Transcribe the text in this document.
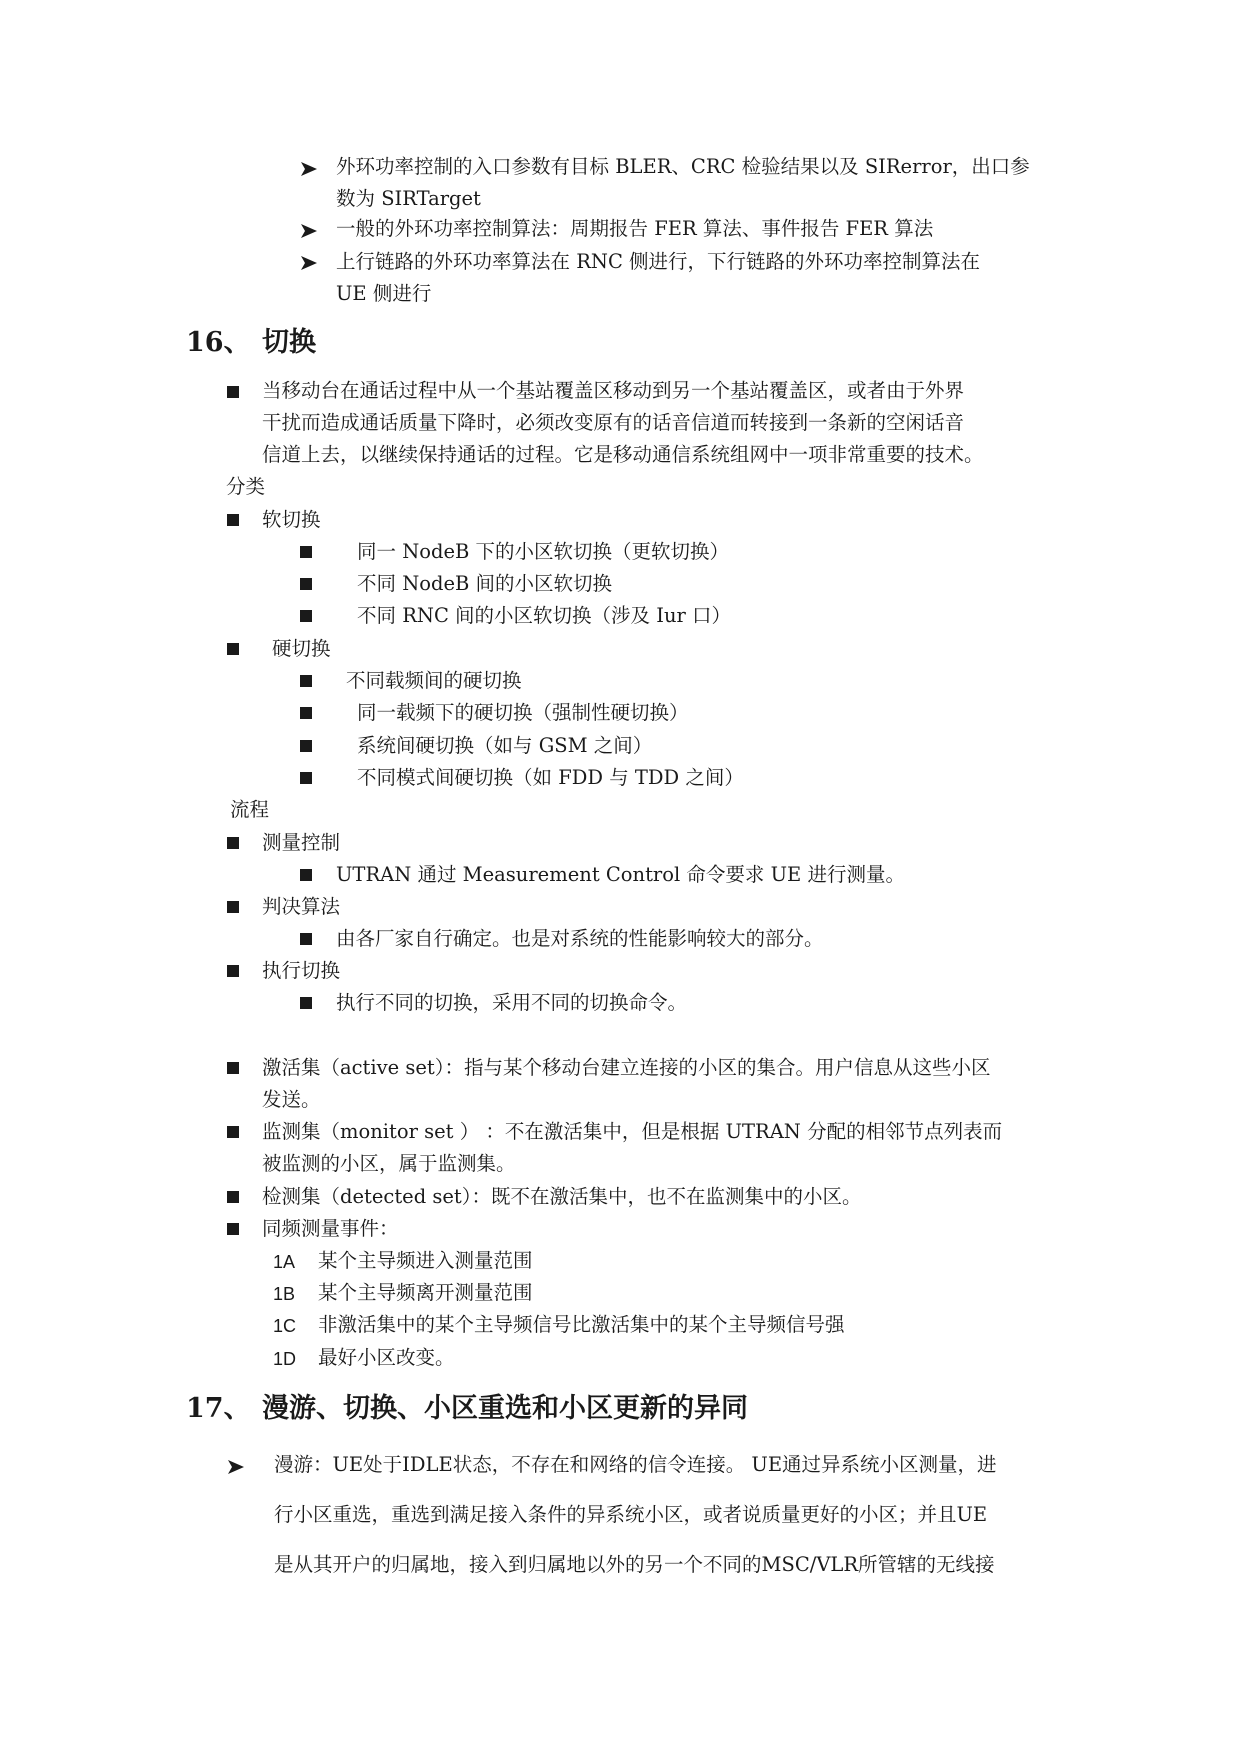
外环功率控制的入口参数有目标 BLER、CRC 检验结果以及 SIRerror，出口参
数为 SIRTarget
一般的外环功率控制算法：周期报告 FER 算法、事件报告 FER 算法
上行链路的外环功率算法在 RNC 侧进行，下行链路的外环功率控制算法在
UE 侧进行
16、 切换
当移动台在通话过程中从一个基站覆盖区移动到另一个基站覆盖区，或者由于外界
干扰而造成通话质量下降时，必须改变原有的话音信道而转接到一条新的空闲话音
信道上去，以继续保持通话的过程。它是移动通信系统组网中一项非常重要的技术。
分类
软切换
同一 NodeB 下的小区软切换（更软切换）
不同 NodeB 间的小区软切换
不同 RNC 间的小区软切换（涉及 Iur 口）
硬切换
不同载频间的硬切换
同一载频下的硬切换（强制性硬切换）
系统间硬切换（如与 GSM 之间）
不同模式间硬切换（如 FDD 与 TDD 之间）
流程
测量控制
UTRAN 通过 Measurement Control 命令要求 UE 进行测量。
判决算法
由各厂家自行确定。也是对系统的性能影响较大的部分。
执行切换
执行不同的切换，采用不同的切换命令。
激活集（active set）：指与某个移动台建立连接的小区的集合。用户信息从这些小区
发送。
监测集（monitor set ） ：不在激活集中，但是根据 UTRAN 分配的相邻节点列表而
被监测的小区，属于监测集。
检测集（detected set）：既不在激活集中，也不在监测集中的小区。
同频测量事件：
1A 某个主导频进入测量范围
1B 某个主导频离开测量范围
1C 非激活集中的某个主导频信号比激活集中的某个主导频信号强
1D 最好小区改变。
17、 漫游、切换、小区重选和小区更新的异同
漫游：UE处于IDLE状态，不存在和网络的信令连接。 UE通过异系统小区测量，进
行小区重选，重选到满足接入条件的异系统小区，或者说质量更好的小区；并且UE
是从其开户的归属地，接入到归属地以外的另一个不同的MSC/VLR所管辖的无线接
